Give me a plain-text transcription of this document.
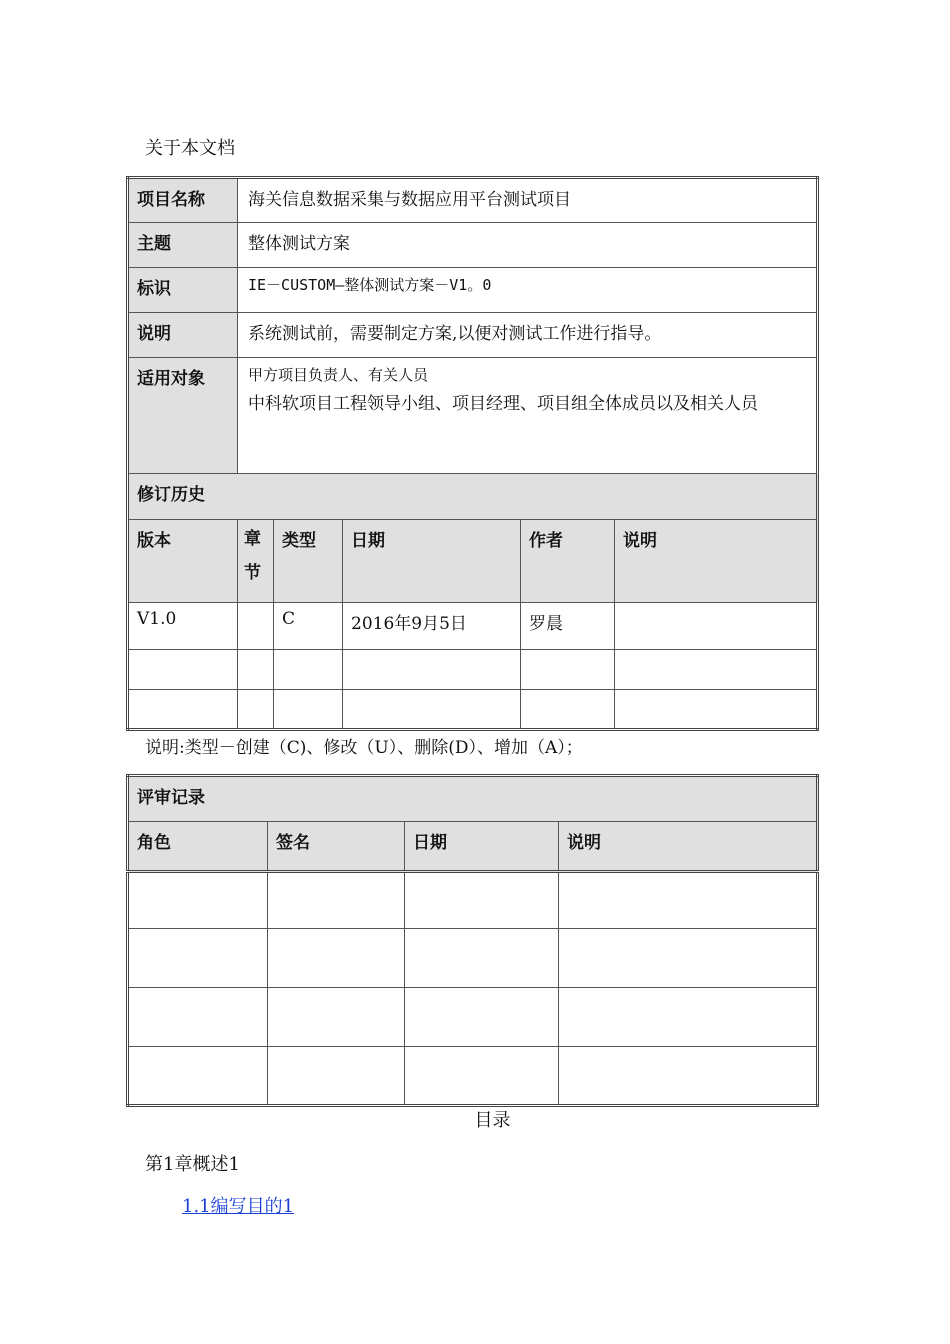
关于本文档
项目名称	海关信息数据采集与数据应用平台测试项目				
主题	整体测试方案				
标识	IE－CUSTOM—整体测试方案－V1。0				
说明	系统测试前，需要制定方案,以便对测试工作进行指导。				
适用对象	甲方项目负责人、有关人员
中科软项目工程领导小组、项目经理、项目组全体成员以及相关人员				

修订历史					
版本	章节	类型	日期	作者	说明
V1.0		C	2016年9月5日	罗晨	

说明:类型－创建（C)、修改（U）、删除(D）、增加（A）；
评审记录			
角色	签名	日期	说明

目录
第1章概述1
1.1编写目的1
